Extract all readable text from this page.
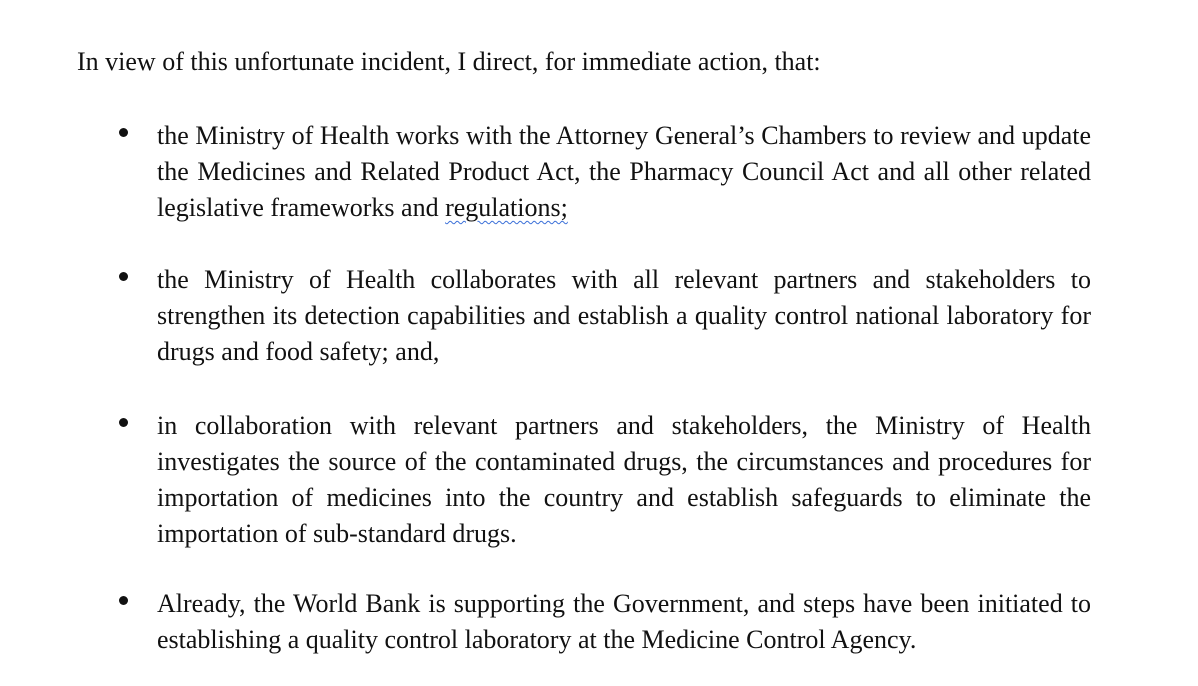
In view of this unfortunate incident, I direct, for immediate action, that:

the Ministry of Health works with the Attorney General’s Chambers to review and update the Medicines and Related Product Act, the Pharmacy Council Act and all other related legislative frameworks and regulations;

the Ministry of Health collaborates with all relevant partners and stakeholders to strengthen its detection capabilities and establish a quality control national laboratory for drugs and food safety; and,

in collaboration with relevant partners and stakeholders, the Ministry of Health investigates the source of the contaminated drugs, the circumstances and procedures for importation of medicines into the country and establish safeguards to eliminate the importation of sub-standard drugs.

Already, the World Bank is supporting the Government, and steps have been initiated to establishing a quality control laboratory at the Medicine Control Agency.
